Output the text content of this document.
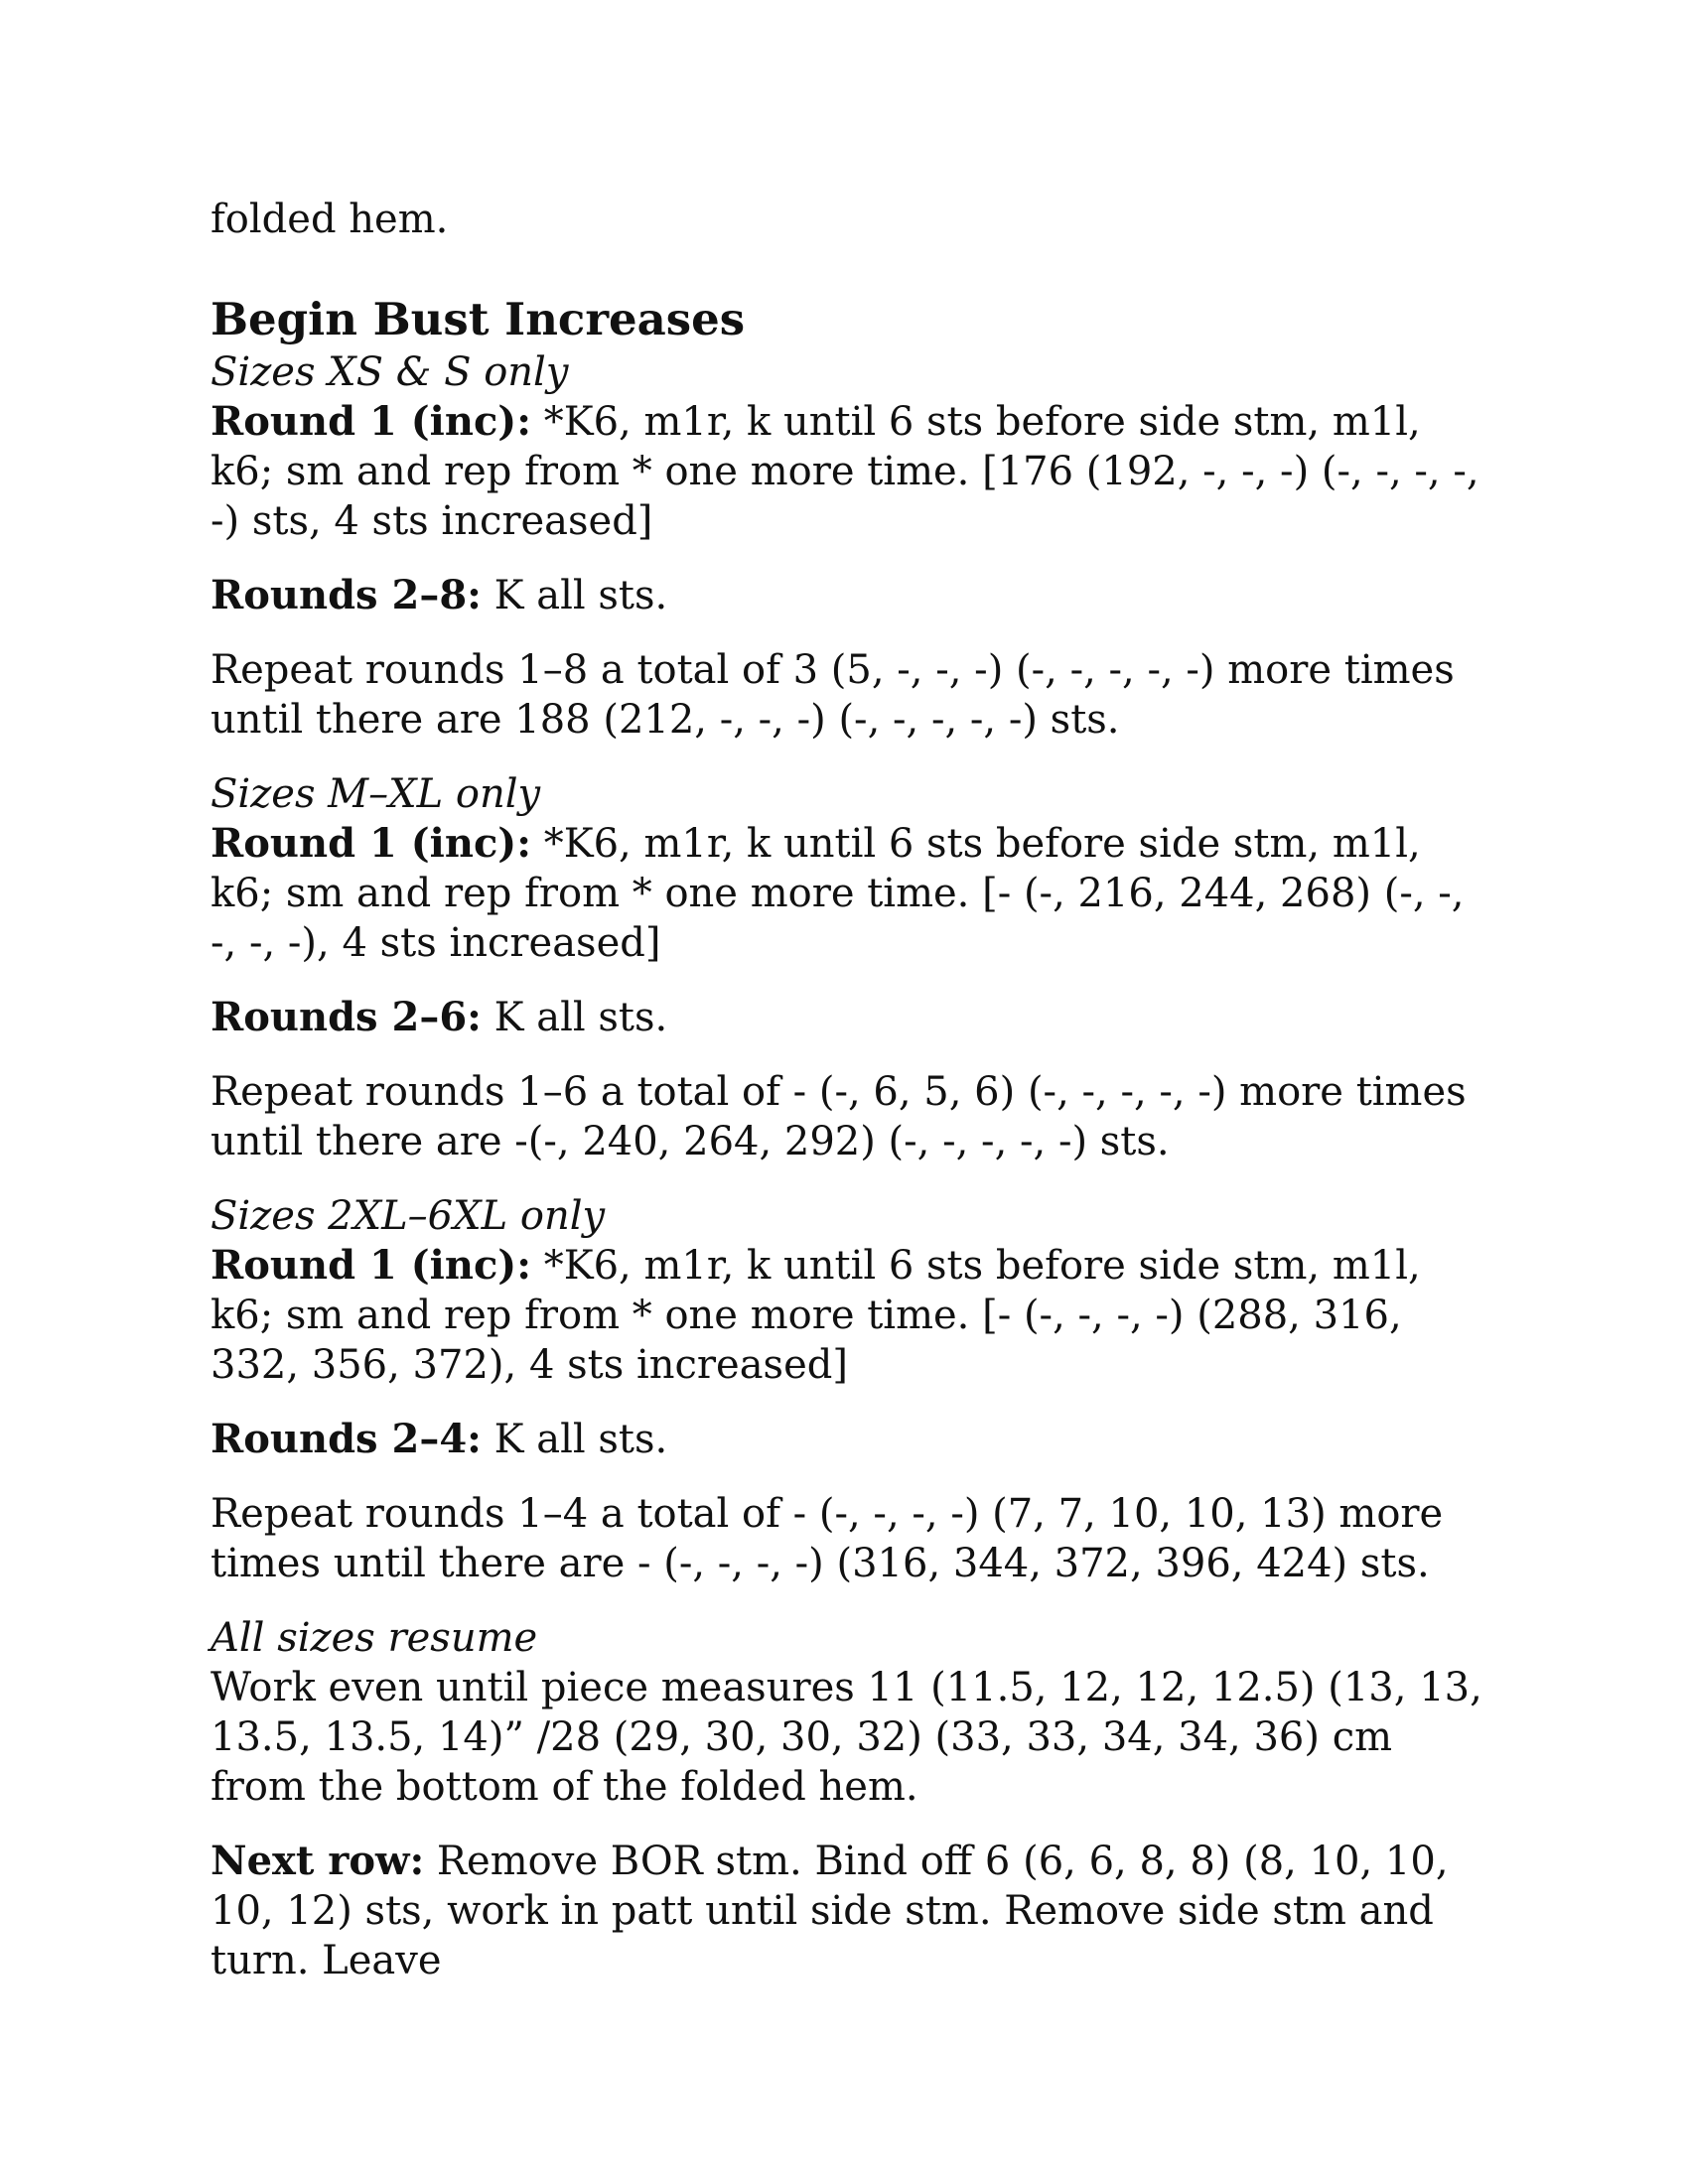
folded hem.

Begin Bust Increases

Sizes XS & S only

Round 1 (inc): *K6, m1r, k until 6 sts before side stm, m1l, k6; sm and rep from * one more time. [176 (192, -, -, -) (-, -, -, -, -) sts, 4 sts increased]

Rounds 2–8: K all sts.

Repeat rounds 1–8 a total of 3 (5, -, -, -) (-, -, -, -, -) more times until there are 188 (212, -, -, -) (-, -, -, -, -) sts.

Sizes M–XL only

Round 1 (inc): *K6, m1r, k until 6 sts before side stm, m1l, k6; sm and rep from * one more time. [- (-, 216, 244, 268) (-, -, -, -, -), 4 sts increased]

Rounds 2–6: K all sts.

Repeat rounds 1–6 a total of - (-, 6, 5, 6) (-, -, -, -, -) more times until there are -(-, 240, 264, 292) (-, -, -, -, -) sts.

Sizes 2XL–6XL only

Round 1 (inc): *K6, m1r, k until 6 sts before side stm, m1l, k6; sm and rep from * one more time. [- (-, -, -, -) (288, 316, 332, 356, 372), 4 sts increased]

Rounds 2–4: K all sts.

Repeat rounds 1–4 a total of - (-, -, -, -) (7, 7, 10, 10, 13) more times until there are - (-, -, -, -) (316, 344, 372, 396, 424) sts.

All sizes resume

Work even until piece measures 11 (11.5, 12, 12, 12.5) (13, 13, 13.5, 13.5, 14)” /28 (29, 30, 30, 32) (33, 33, 34, 34, 36) cm from the bottom of the folded hem.

Next row: Remove BOR stm. Bind off 6 (6, 6, 8, 8) (8, 10, 10, 10, 12) sts, work in patt until side stm. Remove side stm and turn. Leave
